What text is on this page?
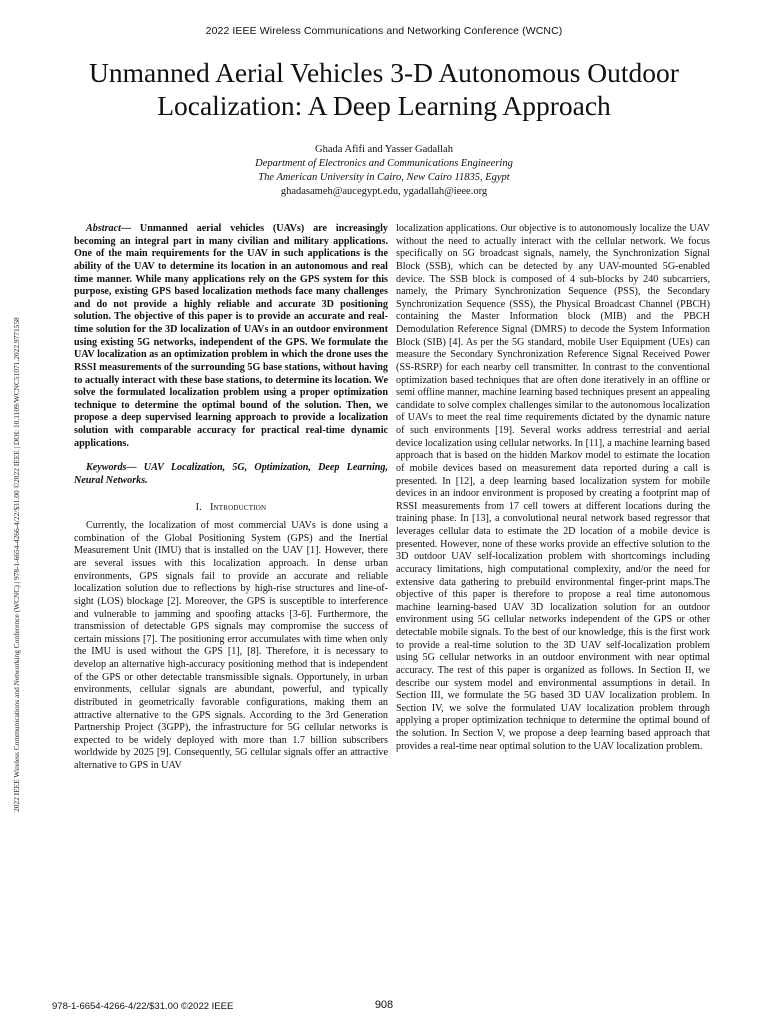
2022 IEEE Wireless Communications and Networking Conference (WCNC)
Unmanned Aerial Vehicles 3-D Autonomous Outdoor Localization: A Deep Learning Approach
Ghada Afifi and Yasser Gadallah
Department of Electronics and Communications Engineering
The American University in Cairo, New Cairo 11835, Egypt
ghadasameh@aucegypt.edu, ygadallah@ieee.org
2022 IEEE Wireless Communications and Networking Conference (WCNC) | 978-1-6654-4266-4/22/$31.00 ©2022 IEEE | DOI: 10.1109/WCNC51071.2022.9771558

Abstract— Unmanned aerial vehicles (UAVs) are increasingly becoming an integral part in many civilian and military applications. One of the main requirements for the UAV in such applications is the ability of the UAV to determine its location in an autonomous and real time manner. While many applications rely on the GPS system for this purpose, existing GPS based localization methods face many challenges and do not provide a highly reliable and accurate 3D positioning solution. The objective of this paper is to provide an accurate and real-time solution for the 3D localization of UAVs in an outdoor environment using existing 5G networks, independent of the GPS. We formulate the UAV localization as an optimization problem in which the drone uses the RSSI measurements of the surrounding 5G base stations, without having to actually interact with these base stations, to determine its location. We solve the formulated localization problem using a proper optimization technique to determine the optimal bound of the solution. Then, we propose a deep supervised learning approach to provide a localization solution with comparable accuracy for practical real-time dynamic applications.

Keywords— UAV Localization, 5G, Optimization, Deep Learning, Neural Networks.

I. Introduction

Currently, the localization of most commercial UAVs is done using a combination of the Global Positioning System (GPS) and the Inertial Measurement Unit (IMU) that is installed on the UAV [1]. However, there are several issues with this localization approach. In dense urban environments, GPS signals fail to provide an accurate and reliable localization solution due to reflections by high-rise structures and line-of-sight (LOS) blockage [2]. Moreover, the GPS is susceptible to interference and vulnerable to jamming and spoofing attacks [3-6]. Furthermore, the transmission of detectable GPS signals may compromise the success of certain missions [7]. The positioning error accumulates with time when only the IMU is used without the GPS [1], [8]. Therefore, it is necessary to develop an alternative high-accuracy positioning method that is independent of the GPS or other detectable transmissible signals. Opportunely, in urban environments, cellular signals are abundant, powerful, and typically distributed in geometrically favorable configurations, making them an attractive alternative to the GPS signals. According to the 3rd Generation Partnership Project (3GPP), the infrastructure for 5G cellular networks is expected to be widely deployed with more than 1.7 billion subscribers worldwide by 2025 [9]. Consequently, 5G cellular signals offer an attractive alternative to GPS in UAV

localization applications. Our objective is to autonomously localize the UAV without the need to actually interact with the cellular network. We focus specifically on 5G broadcast signals, namely, the Synchronization Signal Block (SSB), which can be detected by any UAV-mounted 5G-enabled device. The SSB block is composed of 4 sub-blocks by 240 subcarriers, namely, the Primary Synchronization Sequence (PSS), the Secondary Synchronization Sequence (SSS), the Physical Broadcast Channel (PBCH) containing the Master Information block (MIB) and the PBCH Demodulation Reference Signal (DMRS) to decode the System Information Block (SIB) [4]. As per the 5G standard, mobile User Equipment (UEs) can measure the Secondary Synchronization Reference Signal Received Power (SS-RSRP) for each nearby cell transmitter. In contrast to the conventional optimization based techniques that are often done iteratively in an offline or semi offline manner, machine learning based techniques present an appealing candidate to solve complex challenges similar to the autonomous localization of UAVs to meet the real time requirements dictated by the dynamic nature of such environments [19]. Several works address terrestrial and aerial device localization using cellular networks. In [11], a machine learning based approach that is based on the hidden Markov model to estimate the location of mobile devices based on measurement data reported during a call is presented. In [12], a deep learning based localization system for mobile devices in an indoor environment is proposed by creating a footprint map of RSSI measurements from 17 cell towers at different locations during the training phase. In [13], a convolutional neural network based regressor that leverages cellular data to estimate the 2D location of a mobile device is presented. However, none of these works provide an effective solution to the 3D outdoor UAV self-localization problem with shortcomings including accuracy limitations, high computational complexity, and/or the need for extensive data gathering to prebuild environmental finger-print maps.The objective of this paper is therefore to propose a real time autonomous machine learning-based UAV 3D localization solution for an outdoor environment using 5G cellular networks independent of the GPS or other detectable mobile signals. To the best of our knowledge, this is the first work to provide a real-time solution to the 3D UAV self-localization problem using 5G cellular networks in an outdoor environment with near optimal accuracy. The rest of this paper is organized as follows. In Section II, we describe our system model and environmental assumptions in detail. In Section III, we formulate the 5G based 3D UAV localization problem. In Section IV, we solve the formulated UAV localization problem through applying a proper optimization technique to determine the optimal bound of the solution. In Section V, we propose a deep learning based approach that provides a real-time near optimal solution to the UAV localization problem.

978-1-6654-4266-4/22/$31.00 ©2022 IEEE	908
